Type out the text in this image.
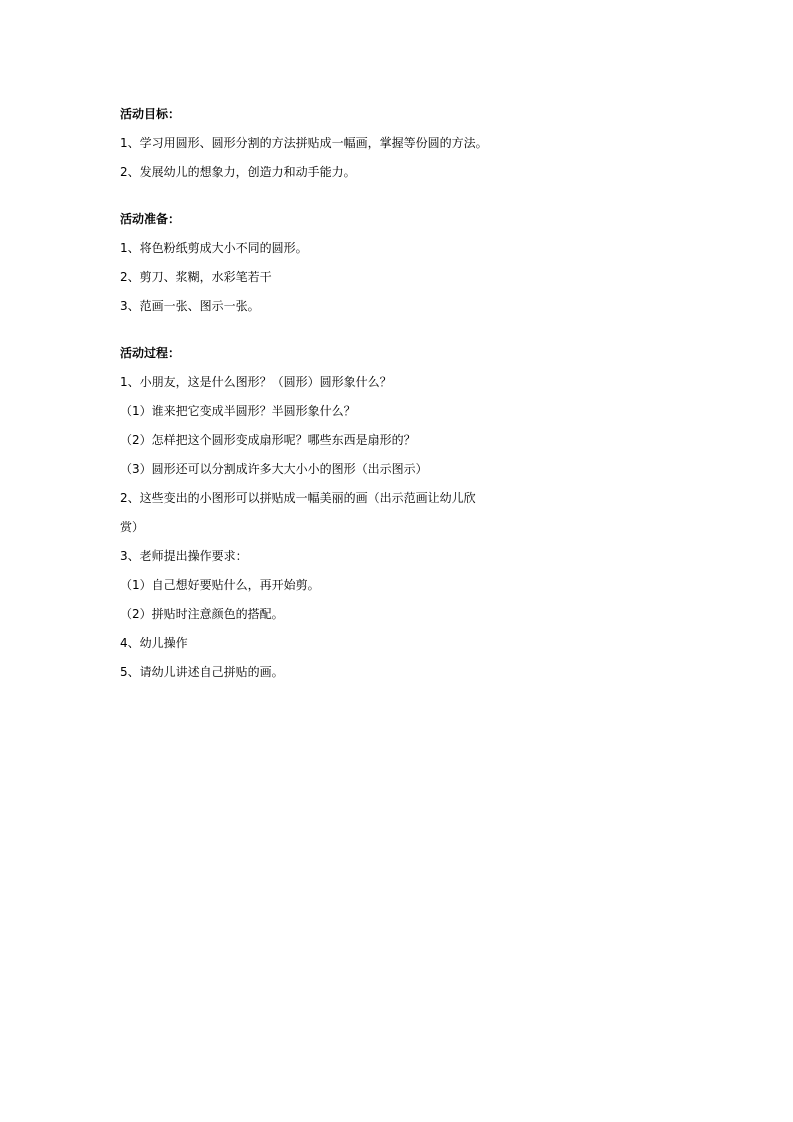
活动目标：
1、学习用圆形、圆形分割的方法拼贴成一幅画，掌握等份圆的方法。
2、发展幼儿的想象力，创造力和动手能力。
活动准备：
1、将色粉纸剪成大小不同的圆形。
2、剪刀、浆糊，水彩笔若干
3、范画一张、图示一张。
活动过程：
1、小朋友，这是什么图形？（圆形）圆形象什么？
（1）谁来把它变成半圆形？半圆形象什么？
（2）怎样把这个圆形变成扇形呢？哪些东西是扇形的？
（3）圆形还可以分割成许多大大小小的图形（出示图示）
2、这些变出的小图形可以拼贴成一幅美丽的画（出示范画让幼儿欣赏）
3、老师提出操作要求：
（1）自己想好要贴什么，再开始剪。
（2）拼贴时注意颜色的搭配。
4、幼儿操作
5、请幼儿讲述自己拼贴的画。
